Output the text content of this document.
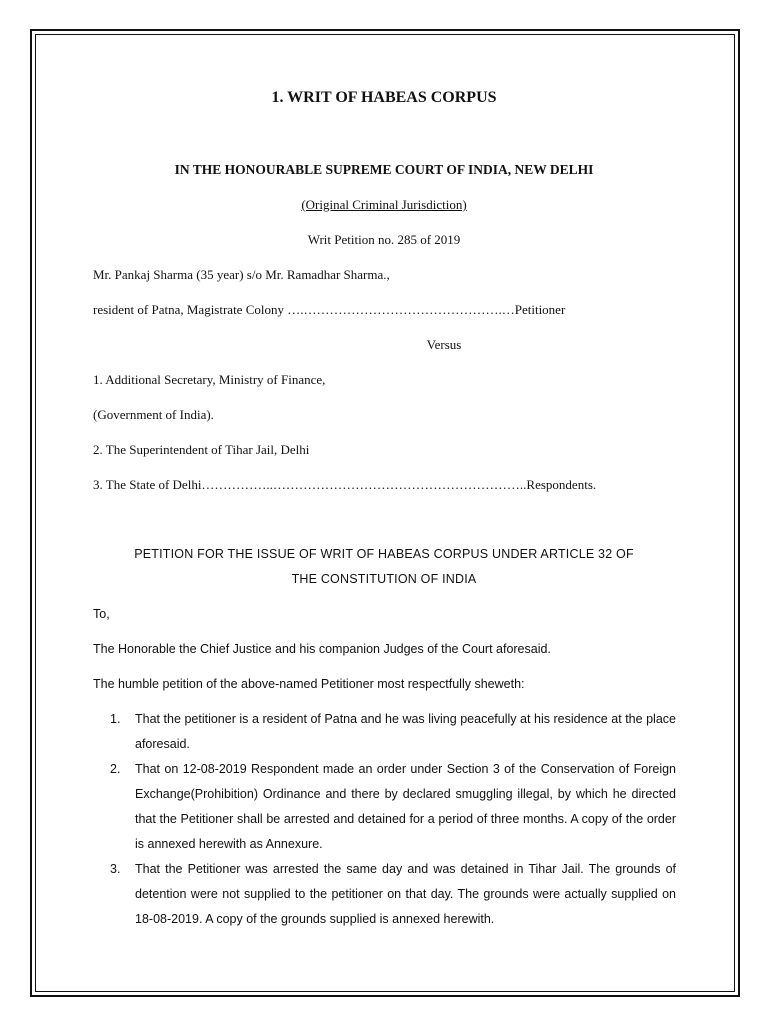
1. WRIT OF HABEAS CORPUS
IN THE HONOURABLE SUPREME COURT OF INDIA, NEW DELHI
(Original Criminal Jurisdiction)
Writ Petition no. 285 of 2019
Mr. Pankaj Sharma (35 year) s/o Mr. Ramadhar Sharma.,
resident of Patna, Magistrate Colony ….……………………………………….…Petitioner
Versus
1. Additional Secretary, Ministry of Finance,
(Government of India).
2. The Superintendent of Tihar Jail, Delhi
3. The State of Delhi……………..…………………………………………………..Respondents.
PETITION FOR THE ISSUE OF WRIT OF HABEAS CORPUS UNDER ARTICLE 32 OF
THE CONSTITUTION OF INDIA
To,
The Honorable the Chief Justice and his companion Judges of the Court aforesaid.
The humble petition of the above-named Petitioner most respectfully sheweth:
1. That the petitioner is a resident of Patna and he was living peacefully at his residence at the place aforesaid.
2. That on 12-08-2019 Respondent made an order under Section 3 of the Conservation of Foreign Exchange(Prohibition) Ordinance and there by declared smuggling illegal, by which he directed that the Petitioner shall be arrested and detained for a period of three months. A copy of the order is annexed herewith as Annexure.
3. That the Petitioner was arrested the same day and was detained in Tihar Jail. The grounds of detention were not supplied to the petitioner on that day. The grounds were actually supplied on 18-08-2019. A copy of the grounds supplied is annexed herewith.
